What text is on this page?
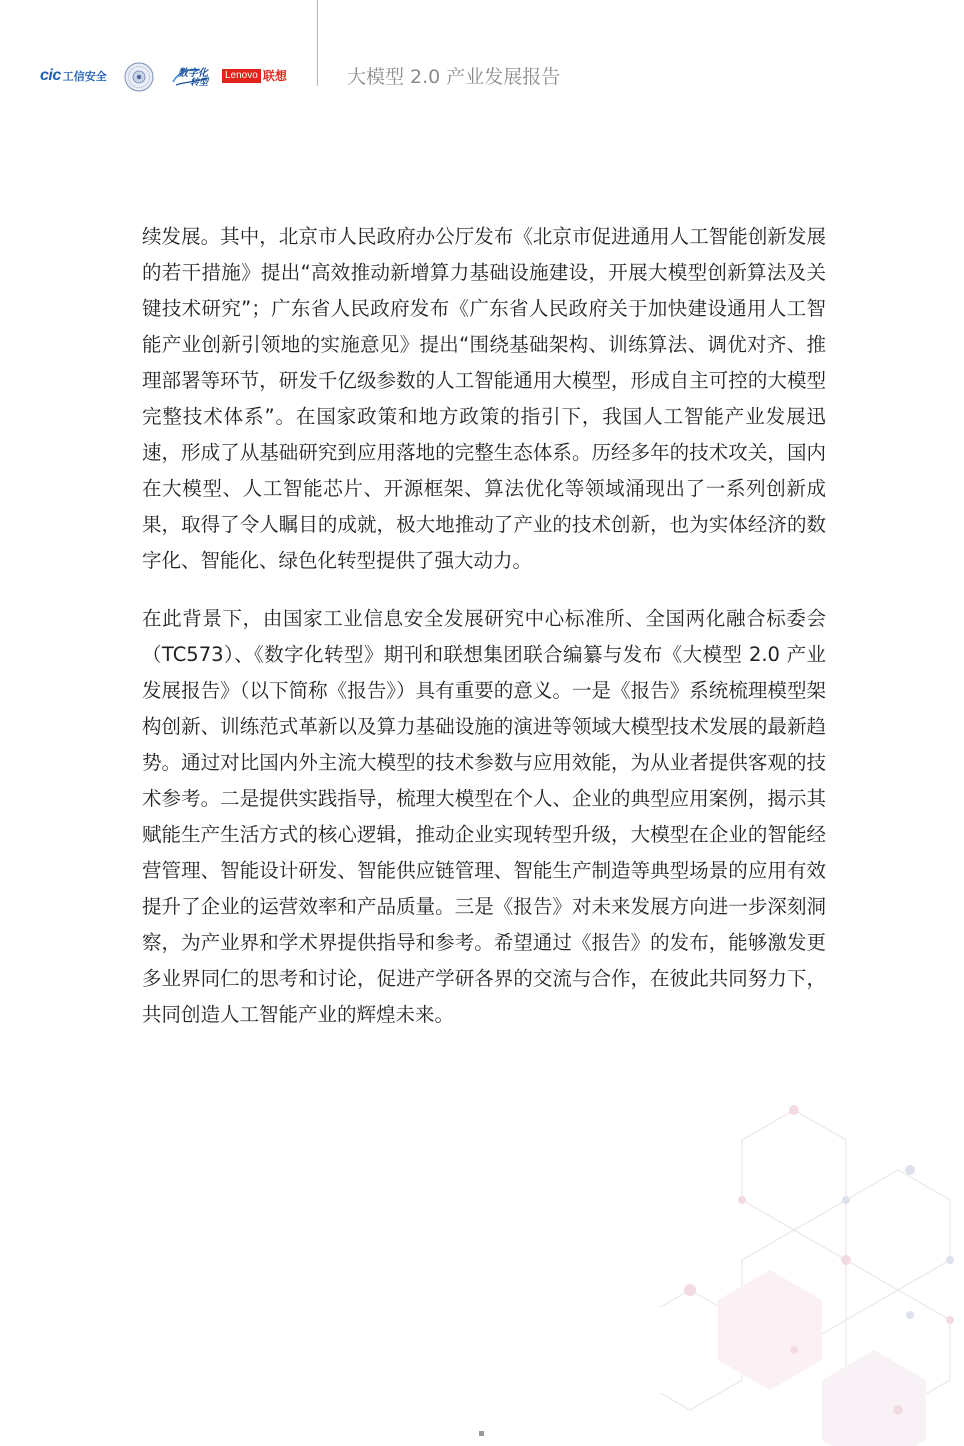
cic 工信安全	数字化
转型
Lenovo 联想	大模型 2.0 产业发展报告

续发展。其中，北京市人民政府办公厅发布《北京市促进通用人工智能创新发展的若干措施》提出“高效推动新增算力基础设施建设，开展大模型创新算法及关键技术研究”；广东省人民政府发布《广东省人民政府关于加快建设通用人工智能产业创新引领地的实施意见》提出“围绕基础架构、训练算法、调优对齐、推理部署等环节，研发千亿级参数的人工智能通用大模型，形成自主可控的大模型完整技术体系”。在国家政策和地方政策的指引下，我国人工智能产业发展迅速，形成了从基础研究到应用落地的完整生态体系。历经多年的技术攻关，国内在大模型、人工智能芯片、开源框架、算法优化等领域涌现出了一系列创新成果，取得了令人瞩目的成就，极大地推动了产业的技术创新，也为实体经济的数字化、智能化、绿色化转型提供了强大动力。

在此背景下，由国家工业信息安全发展研究中心标准所、全国两化融合标委会（TC573）、《数字化转型》期刊和联想集团联合编纂与发布《大模型 2.0 产业发展报告》（以下简称《报告》）具有重要的意义。一是《报告》系统梳理模型架构创新、训练范式革新以及算力基础设施的演进等领域大模型技术发展的最新趋势。通过对比国内外主流大模型的技术参数与应用效能，为从业者提供客观的技术参考。二是提供实践指导，梳理大模型在个人、企业的典型应用案例，揭示其赋能生产生活方式的核心逻辑，推动企业实现转型升级，大模型在企业的智能经营管理、智能设计研发、智能供应链管理、智能生产制造等典型场景的应用有效提升了企业的运营效率和产品质量。三是《报告》对未来发展方向进一步深刻洞察，为产业界和学术界提供指导和参考。希望通过《报告》的发布，能够激发更多业界同仁的思考和讨论，促进产学研各界的交流与合作，在彼此共同努力下，共同创造人工智能产业的辉煌未来。
